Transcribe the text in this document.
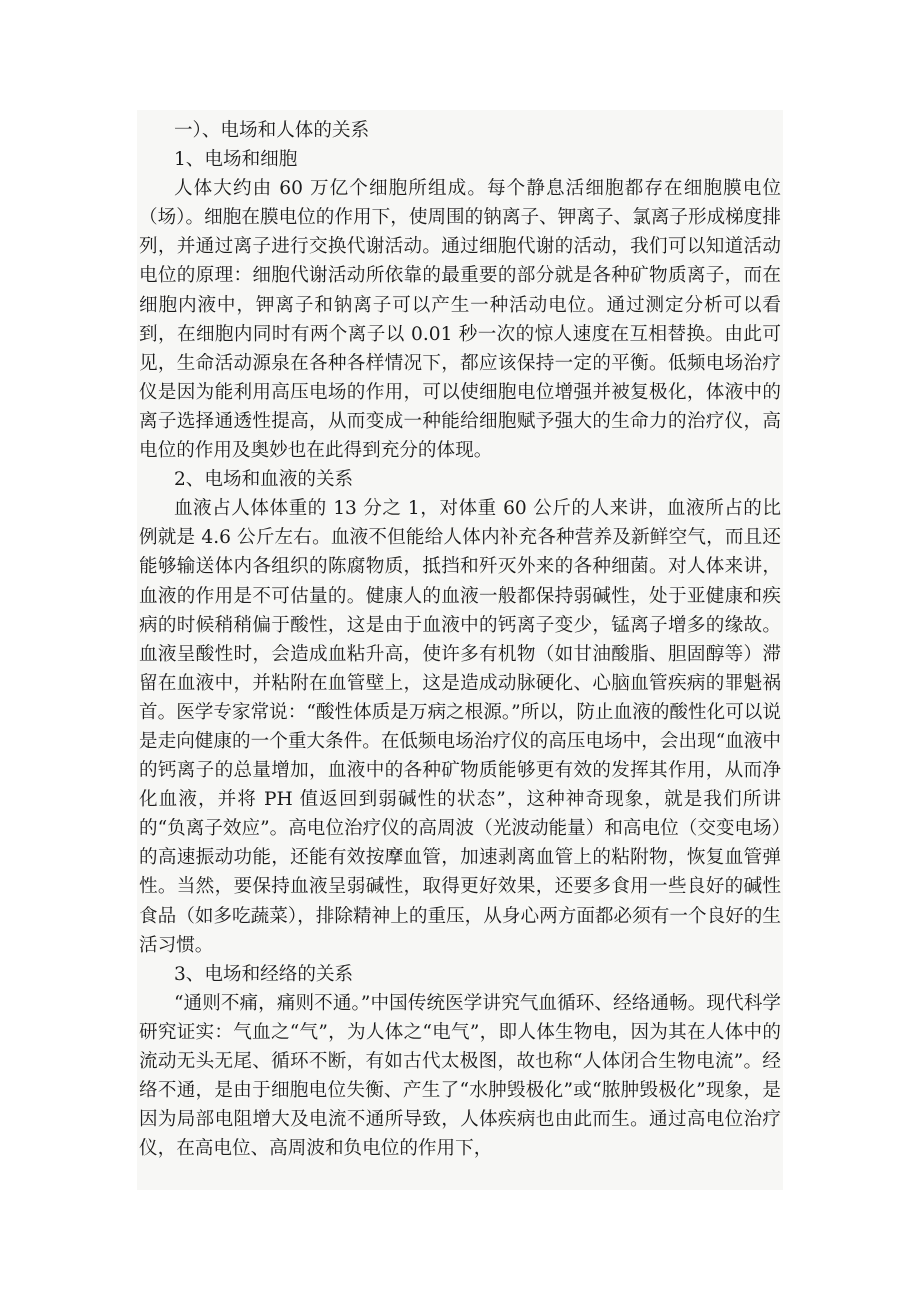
一）、电场和人体的关系

1、电场和细胞

人体大约由 60 万亿个细胞所组成。每个静息活细胞都存在细胞膜电位（场）。细胞在膜电位的作用下，使周围的钠离子、钾离子、氯离子形成梯度排列，并通过离子进行交换代谢活动。通过细胞代谢的活动，我们可以知道活动电位的原理：细胞代谢活动所依靠的最重要的部分就是各种矿物质离子，而在细胞内液中，钾离子和钠离子可以产生一种活动电位。通过测定分析可以看到，在细胞内同时有两个离子以 0.01 秒一次的惊人速度在互相替换。由此可见，生命活动源泉在各种各样情况下，都应该保持一定的平衡。低频电场治疗仪是因为能利用高压电场的作用，可以使细胞电位增强并被复极化，体液中的离子选择通透性提高，从而变成一种能给细胞赋予强大的生命力的治疗仪，高电位的作用及奥妙也在此得到充分的体现。

2、电场和血液的关系

血液占人体体重的 13 分之 1，对体重 60 公斤的人来讲，血液所占的比例就是 4.6 公斤左右。血液不但能给人体内补充各种营养及新鲜空气，而且还能够输送体内各组织的陈腐物质，抵挡和歼灭外来的各种细菌。对人体来讲，血液的作用是不可估量的。健康人的血液一般都保持弱碱性，处于亚健康和疾病的时候稍稍偏于酸性，这是由于血液中的钙离子变少，锰离子增多的缘故。血液呈酸性时，会造成血粘升高，使许多有机物（如甘油酸脂、胆固醇等）滞留在血液中，并粘附在血管壁上，这是造成动脉硬化、心脑血管疾病的罪魁祸首。医学专家常说：“酸性体质是万病之根源。”所以，防止血液的酸性化可以说是走向健康的一个重大条件。在低频电场治疗仪的高压电场中，会出现“血液中的钙离子的总量增加，血液中的各种矿物质能够更有效的发挥其作用，从而净化血液，并将 PH 值返回到弱碱性的状态”，这种神奇现象，就是我们所讲的“负离子效应”。高电位治疗仪的高周波（光波动能量）和高电位（交变电场）的高速振动功能，还能有效按摩血管，加速剥离血管上的粘附物，恢复血管弹性。当然，要保持血液呈弱碱性，取得更好效果，还要多食用一些良好的碱性食品（如多吃蔬菜），排除精神上的重压，从身心两方面都必须有一个良好的生活习惯。

3、电场和经络的关系

“通则不痛，痛则不通。”中国传统医学讲究气血循环、经络通畅。现代科学研究证实：气血之“气”，为人体之“电气”，即人体生物电，因为其在人体中的流动无头无尾、循环不断，有如古代太极图，故也称“人体闭合生物电流”。经络不通，是由于细胞电位失衡、产生了“水肿毁极化”或“脓肿毁极化”现象，是因为局部电阻增大及电流不通所导致，人体疾病也由此而生。通过高电位治疗仪，在高电位、高周波和负电位的作用下，
